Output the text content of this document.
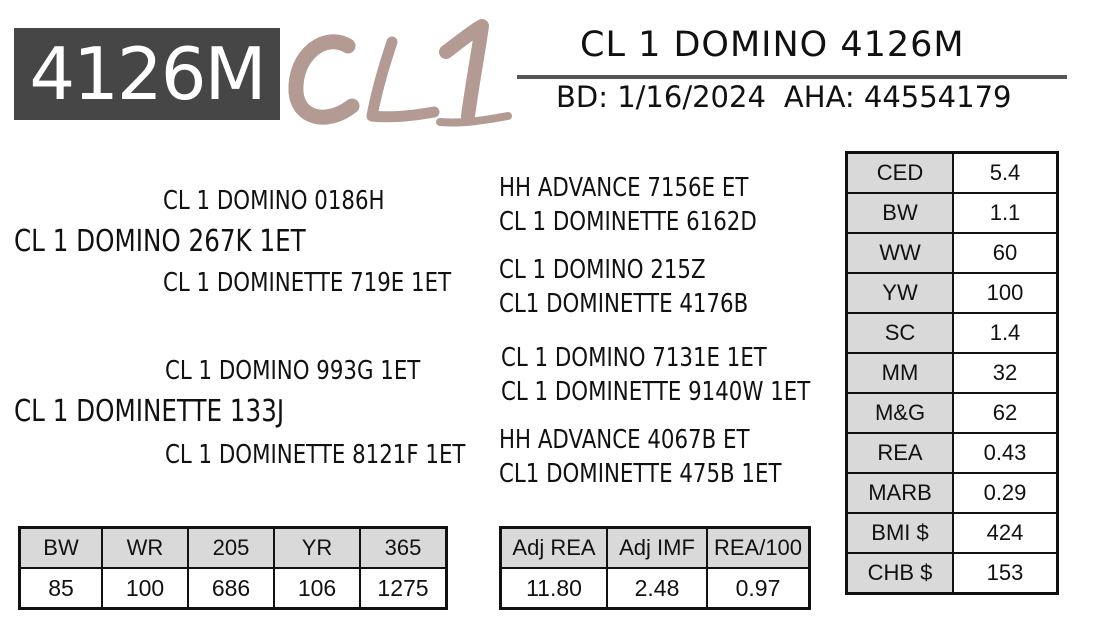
4126M	CL 1 DOMINO 4126M
BD: 1/16/2024 AHA: 44554179
CL 1 DOMINO 267K 1ET
CL 1 DOMINETTE 133J
CL 1 DOMINO 0186H
CL 1 DOMINETTE 719E 1ET
CL 1 DOMINO 993G 1ET
CL 1 DOMINETTE 8121F 1ET
HH ADVANCE 7156E ET
CL 1 DOMINETTE 6162D
CL 1 DOMINO 215Z
CL1 DOMINETTE 4176B
CL 1 DOMINO 7131E 1ET
CL 1 DOMINETTE 9140W 1ET
HH ADVANCE 4067B ET
CL1 DOMINETTE 475B 1ET
BW	WR	205	YR	365
85	100	686	106	1275
Adj REA	Adj IMF	REA/100
11.80	2.48	0.97
CED	5.4
BW	1.1
WW	60
YW	100
SC	1.4
MM	32
M&G	62
REA	0.43
MARB	0.29
BMI $	424
CHB $	153
